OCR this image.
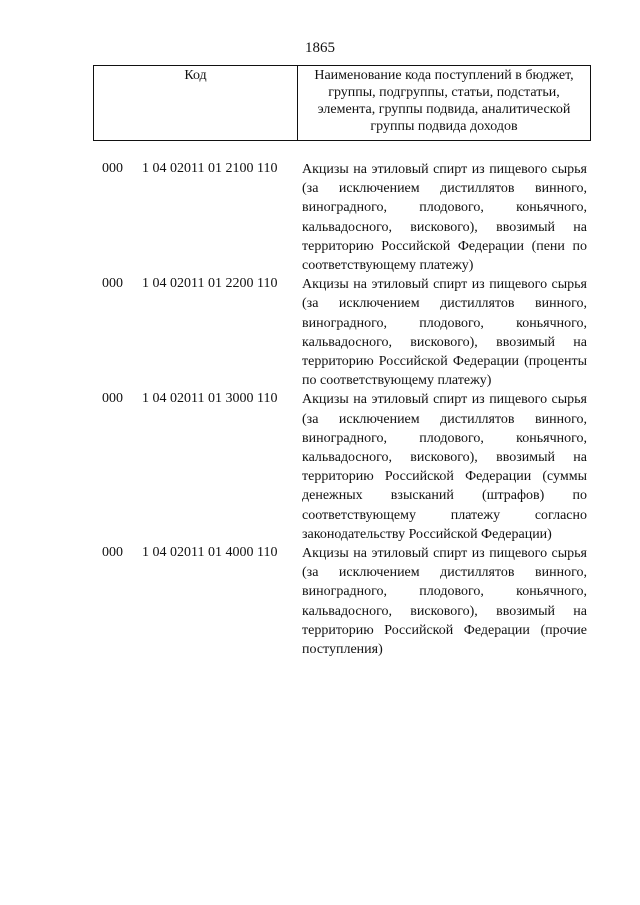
1865
Код	Наименование кода поступлений в бюджет, группы, подгруппы, статьи, подстатьи, элемента, группы подвида, аналитической группы подвида доходов
000 1 04 02011 01 2100 110 Акцизы на этиловый спирт из пищевого сырья (за исключением дистиллятов винного, виноградного, плодового, коньячного, кальвадосного, вискового), ввозимый на территорию Российской Федерации (пени по соответствующему платежу)
000 1 04 02011 01 2200 110 Акцизы на этиловый спирт из пищевого сырья (за исключением дистиллятов винного, виноградного, плодового, коньячного, кальвадосного, вискового), ввозимый на территорию Российской Федерации (проценты по соответствующему платежу)
000 1 04 02011 01 3000 110 Акцизы на этиловый спирт из пищевого сырья (за исключением дистиллятов винного, виноградного, плодового, коньячного, кальвадосного, вискового), ввозимый на территорию Российской Федерации (суммы денежных взысканий (штрафов) по соответствующему платежу согласно законодательству Российской Федерации)
000 1 04 02011 01 4000 110 Акцизы на этиловый спирт из пищевого сырья (за исключением дистиллятов винного, виноградного, плодового, коньячного, кальвадосного, вискового), ввозимый на территорию Российской Федерации (прочие поступления)
